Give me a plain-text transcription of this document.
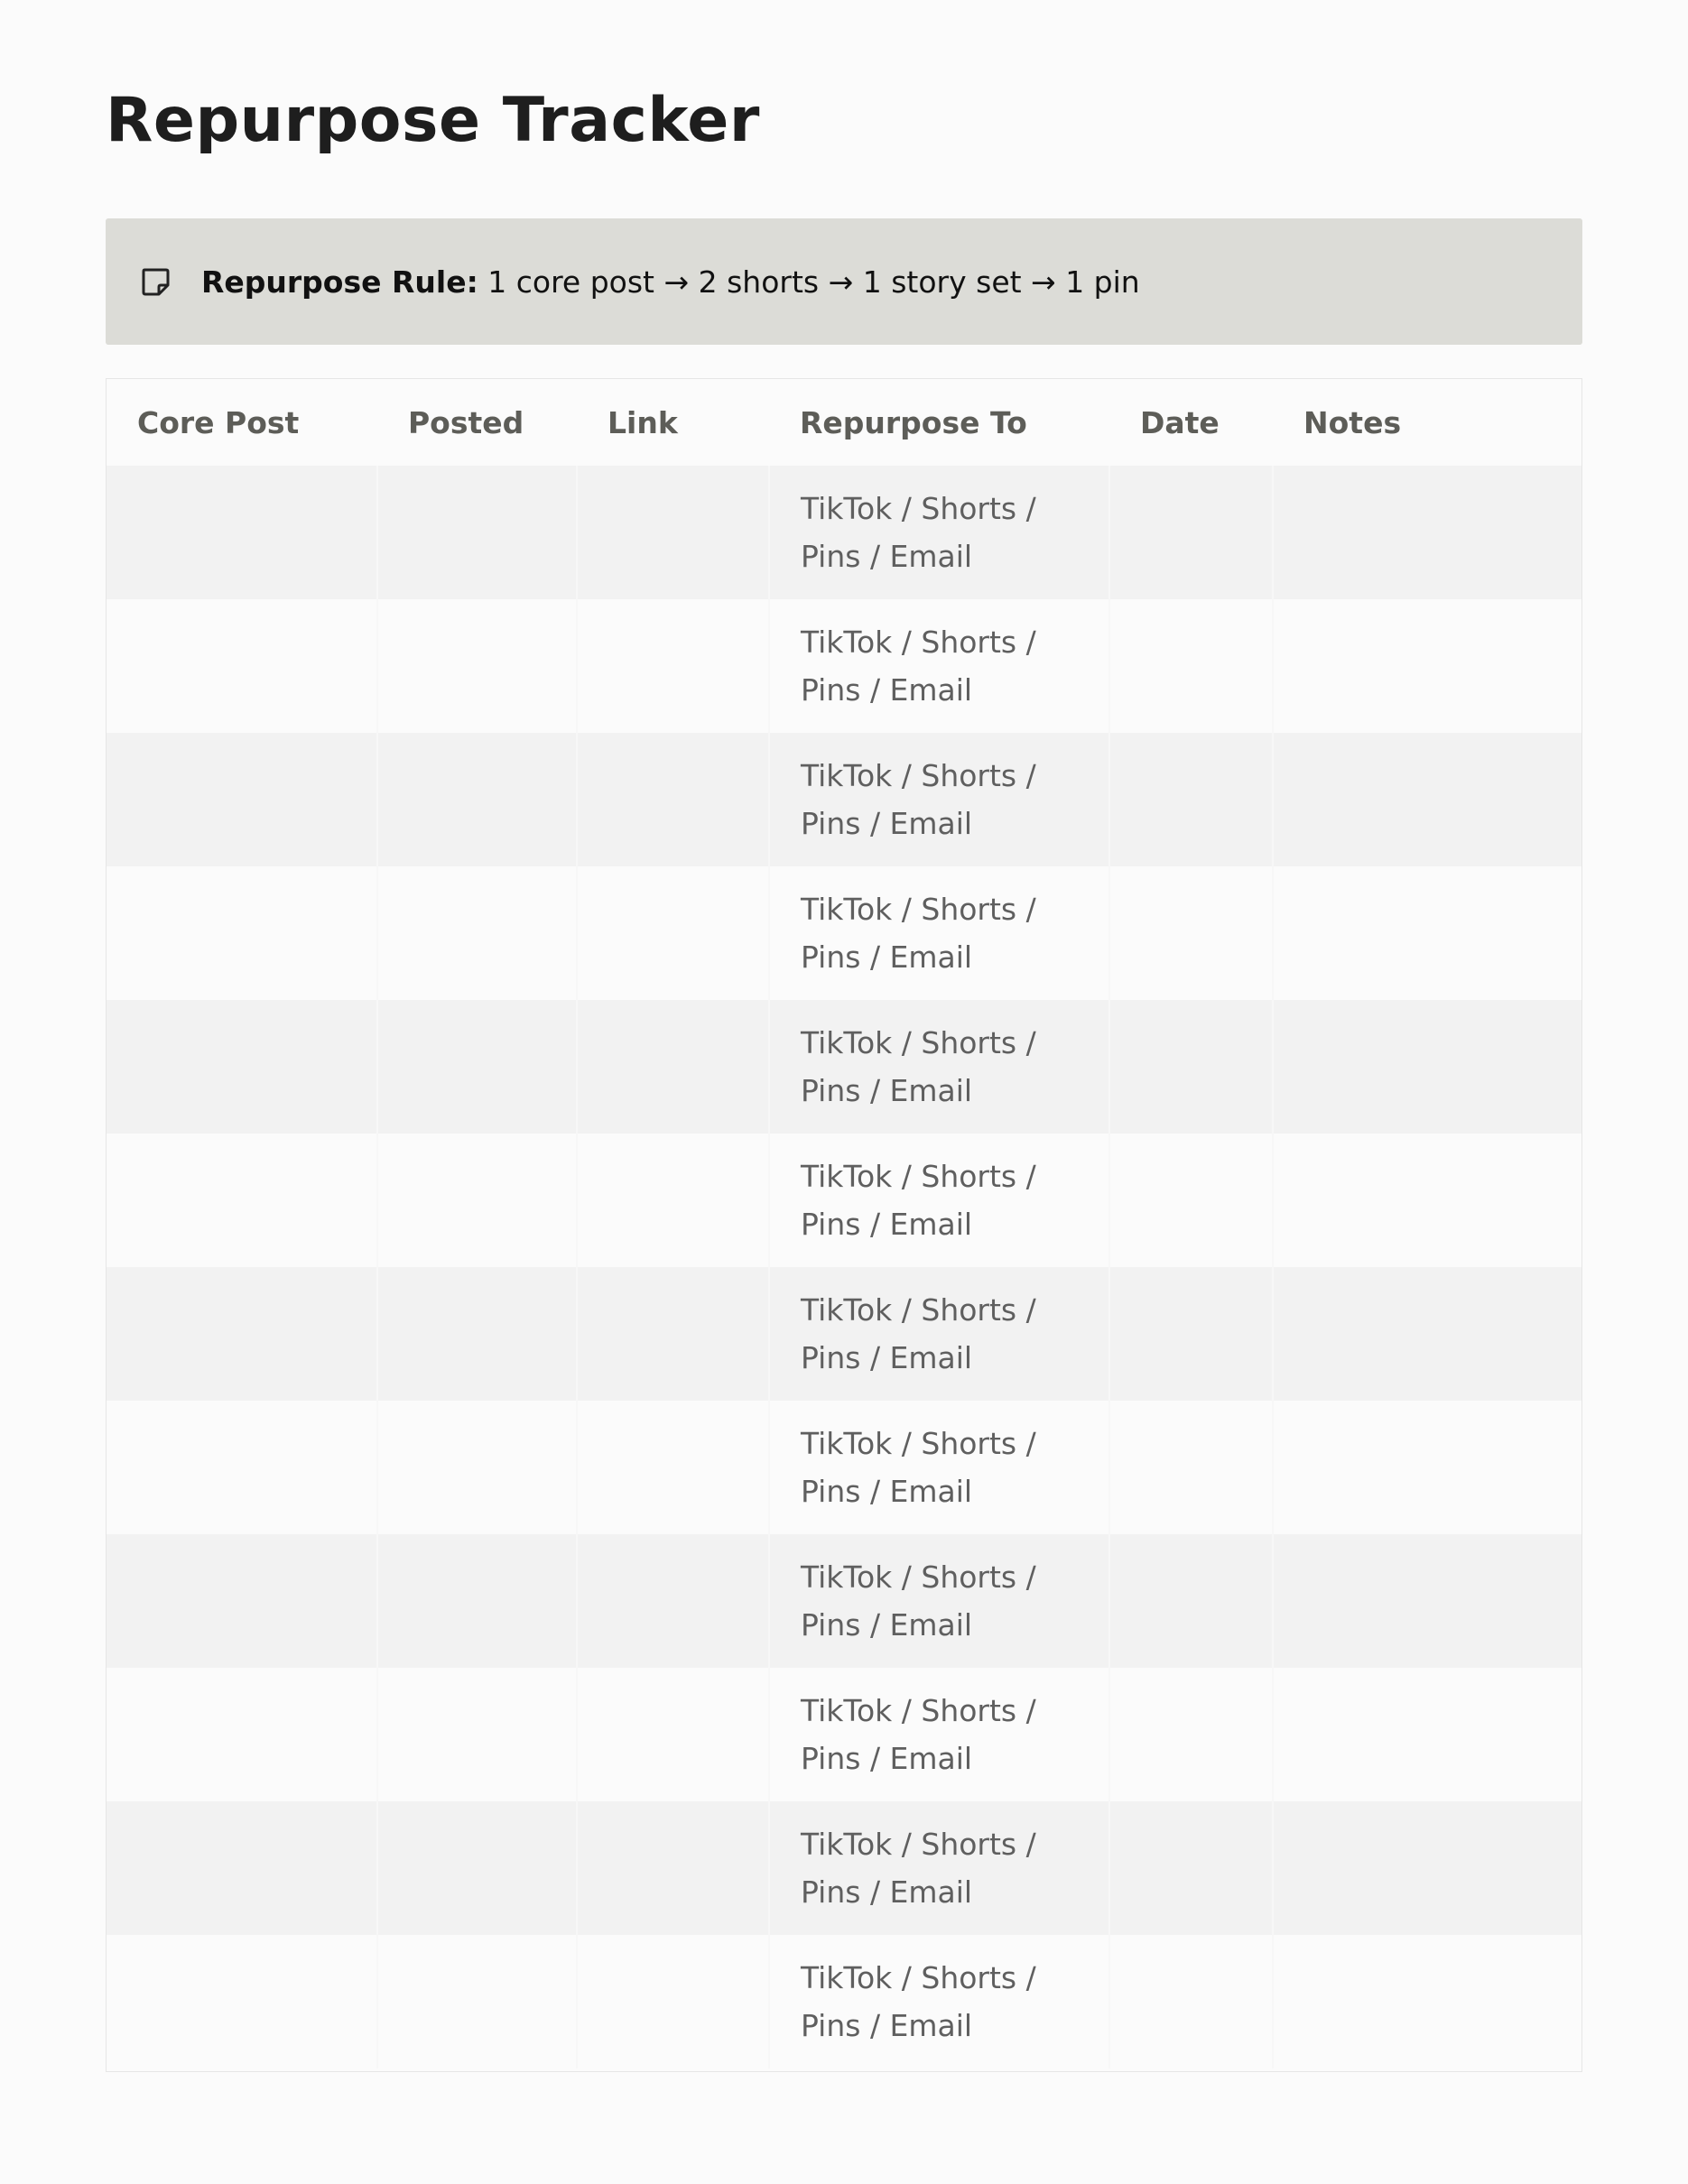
Repurpose Tracker
Repurpose Rule: 1 core post → 2 shorts → 1 story set → 1 pin
Core Post	Posted	Link	Repurpose To	Date	Notes

			TikTok / Shorts /
Pins / Email		

			TikTok / Shorts /
Pins / Email		

			TikTok / Shorts /
Pins / Email		

			TikTok / Shorts /
Pins / Email		

			TikTok / Shorts /
Pins / Email		

			TikTok / Shorts /
Pins / Email		

			TikTok / Shorts /
Pins / Email		

			TikTok / Shorts /
Pins / Email		

			TikTok / Shorts /
Pins / Email		

			TikTok / Shorts /
Pins / Email		

			TikTok / Shorts /
Pins / Email		

			TikTok / Shorts /
Pins / Email		
